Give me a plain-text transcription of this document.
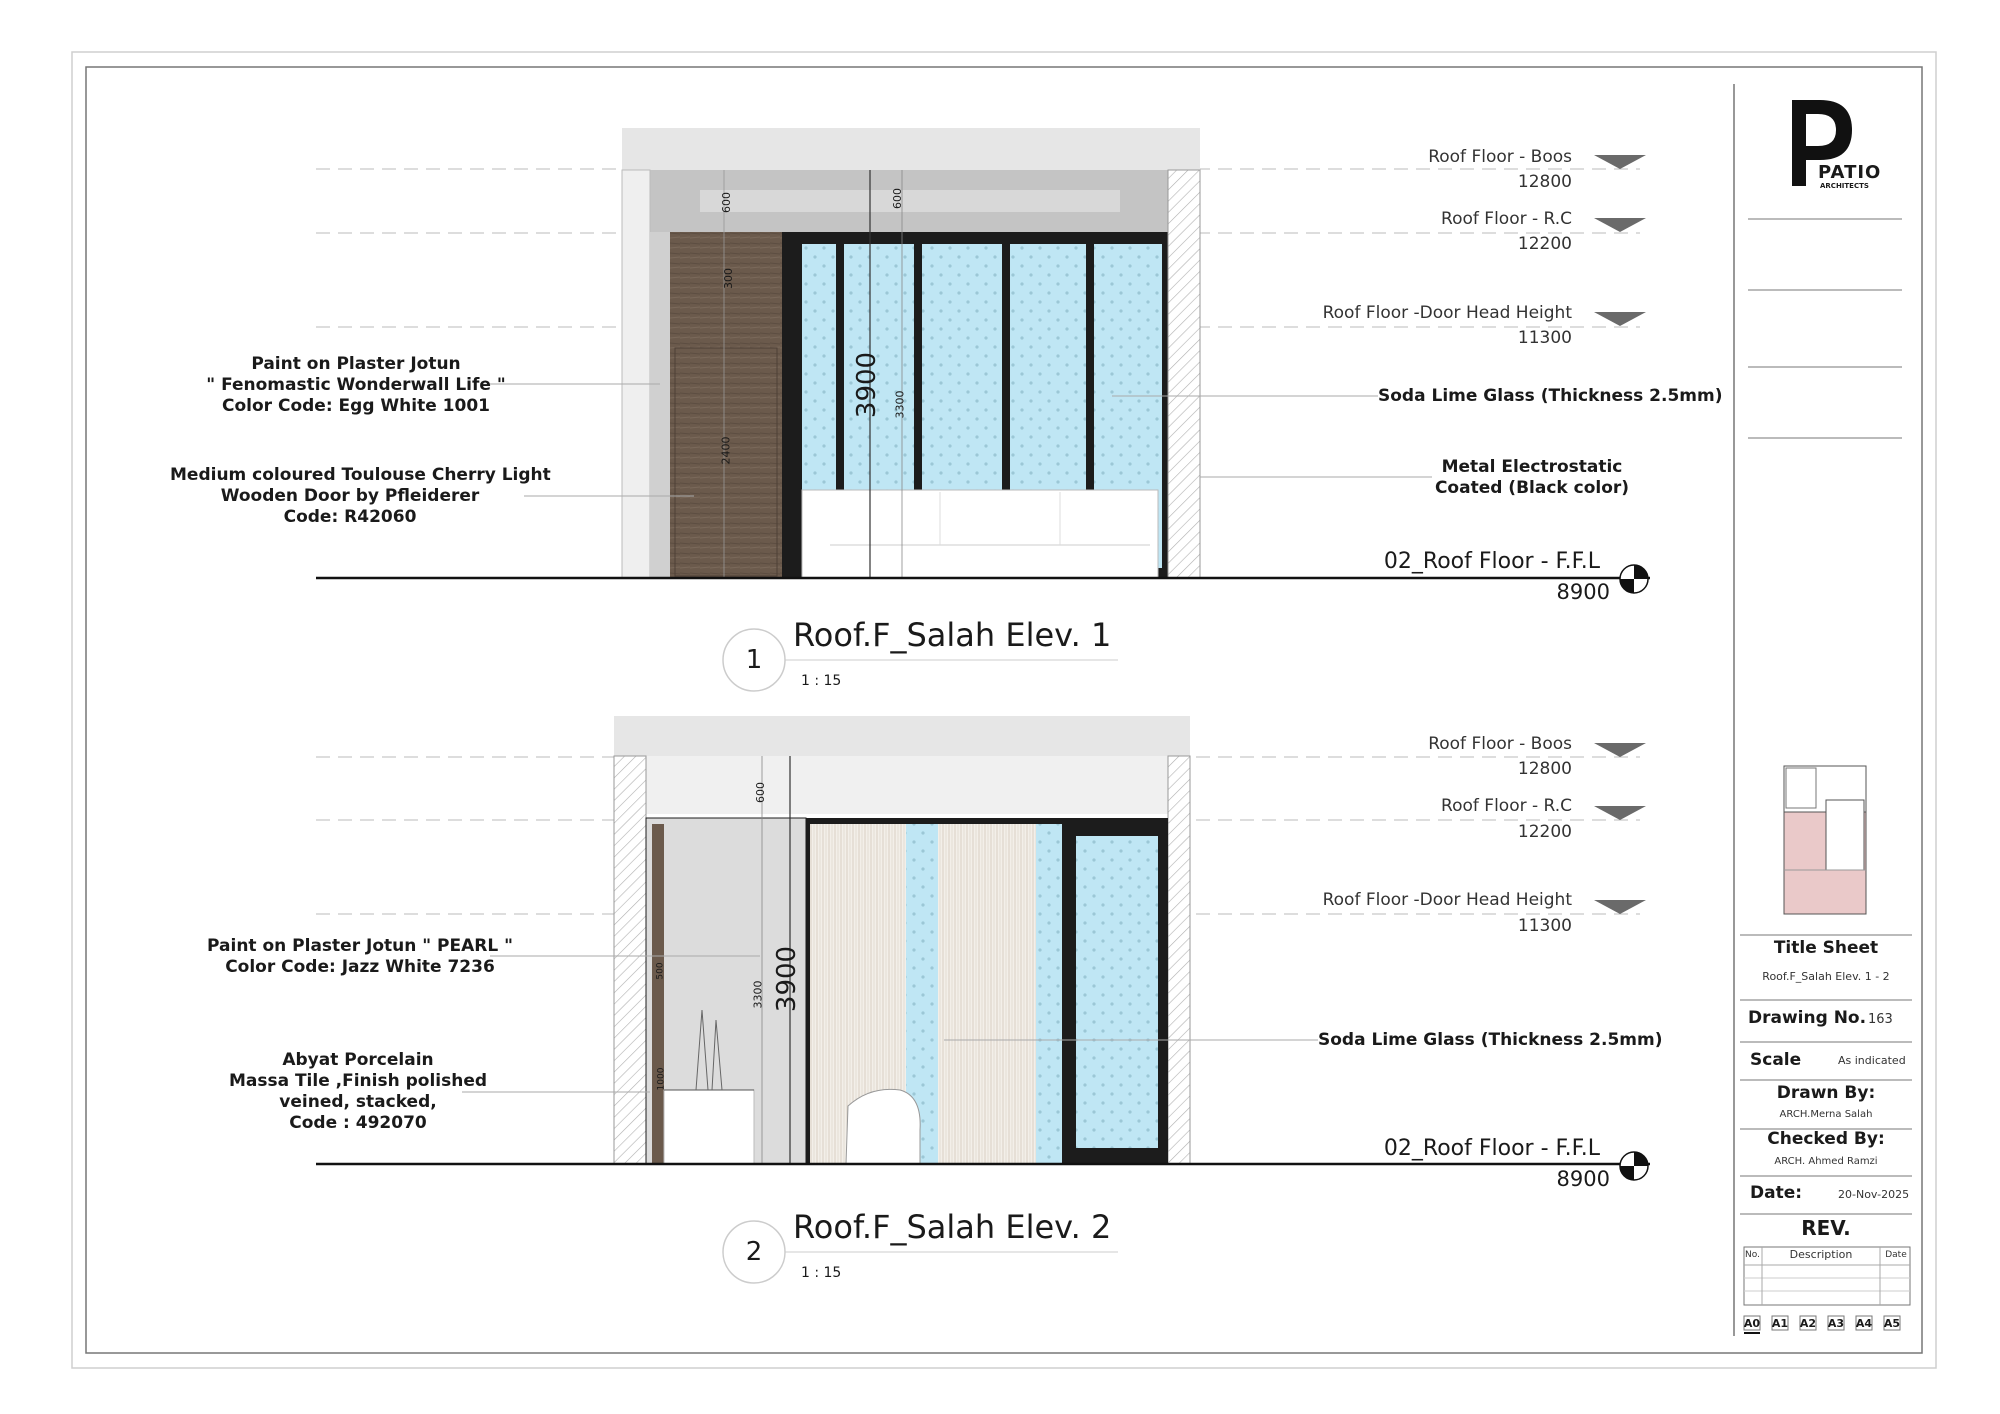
Roof Floor - Boos
12800
Roof Floor - R.C
12200
Roof Floor -Door Head Height
11300
02_Roof Floor - F.F.L
8900
Paint on Plaster Jotun
" Fenomastic Wonderwall Life "
Color Code: Egg White 1001
Medium coloured Toulouse Cherry Light
Wooden Door by Pfleiderer
Code: R42060
Soda Lime Glass (Thickness 2.5mm)
Metal Electrostatic
Coated (Black color)
600
300
2400
600
3900 3300
1
Roof.F_Salah Elev. 1
1 : 15
Roof Floor - Boos
12800
Roof Floor - R.C
12200
Roof Floor -Door Head Height
11300
02_Roof Floor - F.F.L
8900
Paint on Plaster Jotun " PEARL "
Color Code: Jazz White 7236
Abyat Porcelain
Massa Tile ,Finish polished
veined, stacked,
Code : 492070
Soda Lime Glass (Thickness 2.5mm)
600
3900
3300
500
1000
2
Roof.F_Salah Elev. 2
1 : 15
PATIO
ARCHITECTS
Title Sheet
Roof.F_Salah Elev. 1 - 2
Drawing No. 163
Scale	As indicated
Drawn By:
ARCH.Merna Salah
Checked By:
ARCH. Ahmed Ramzi
Date:	20-Nov-2025
REV.
No.	Description	Date
A0 A1 A2 A3 A4 A5
